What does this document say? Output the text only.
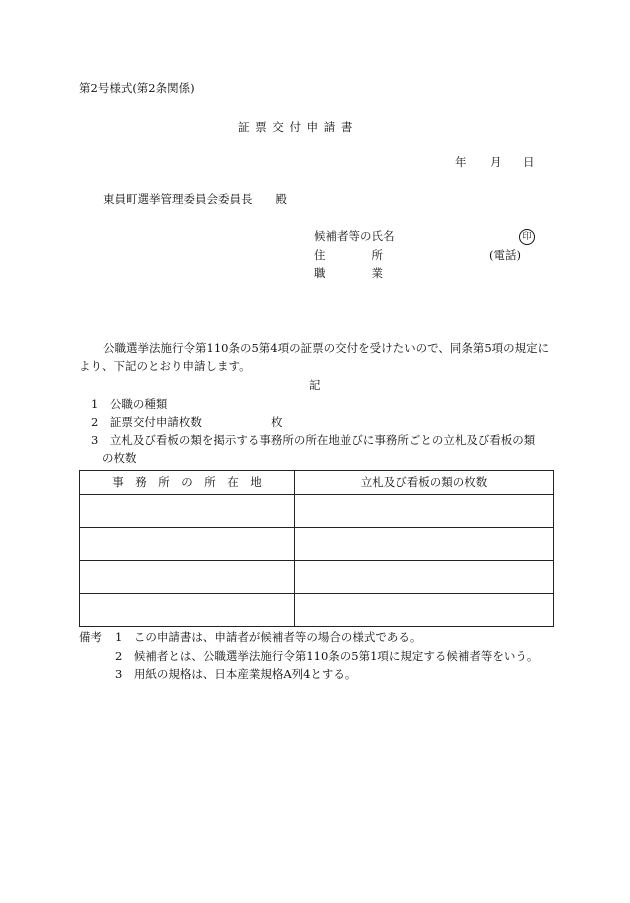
第2号様式(第2条関係)
証 票 交 付 申 請 書
年 月 日
東員町選挙管理委員会委員長　　殿
候補者等の氏名	印
住　　　　所	(電話)
職　　　　業
公職選挙法施行令第110条の5第4項の証票の交付を受けたいので、同条第5項の規定に
より、下記のとおり申請します。
記
1　公職の種類
2　証票交付申請枚数	枚
3　立札及び看板の類を掲示する事務所の所在地並びに事務所ごとの立札及び看板の類
の枚数
事　務　所　の　所　在　地	立札及び看板の類の枚数

備考 1　この申請書は、申請者が候補者等の場合の様式である。
2　候補者とは、公職選挙法施行令第110条の5第1項に規定する候補者等をいう。
3　用紙の規格は、日本産業規格A列4とする。
